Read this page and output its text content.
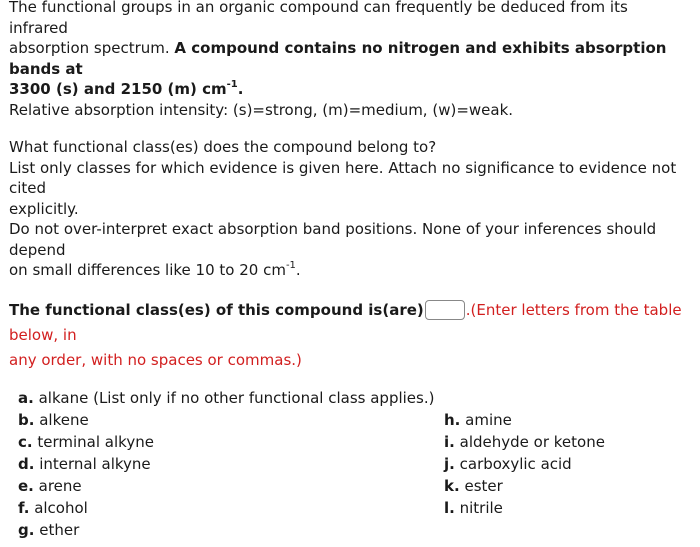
The functional groups in an organic compound can frequently be deduced from its infrared
absorption spectrum. A compound contains no nitrogen and exhibits absorption bands at
3300 (s) and 2150 (m) $cm^{-1}$.
Relative absorption intensity: (s)=strong, (m)=medium, (w)=weak.
What functional class(es) does the compound belong to?
List only classes for which evidence is given here. Attach no significance to evidence not cited
explicitly.
Do not over-interpret exact absorption band positions. None of your inferences should depend
on small differences like 10 to 20 $cm^{-1}$.
The functional class(es) of this compound is(are)	.(Enter letters from the table below, in
any order, with no spaces or commas.)
a. alkane (List only if no other functional class applies.)
b. alkene
c. terminal alkyne
d. internal alkyne
e. arene
f. alcohol
g. ether
h. amine
i. aldehyde or ketone
j. carboxylic acid
k. ester
l. nitrile
